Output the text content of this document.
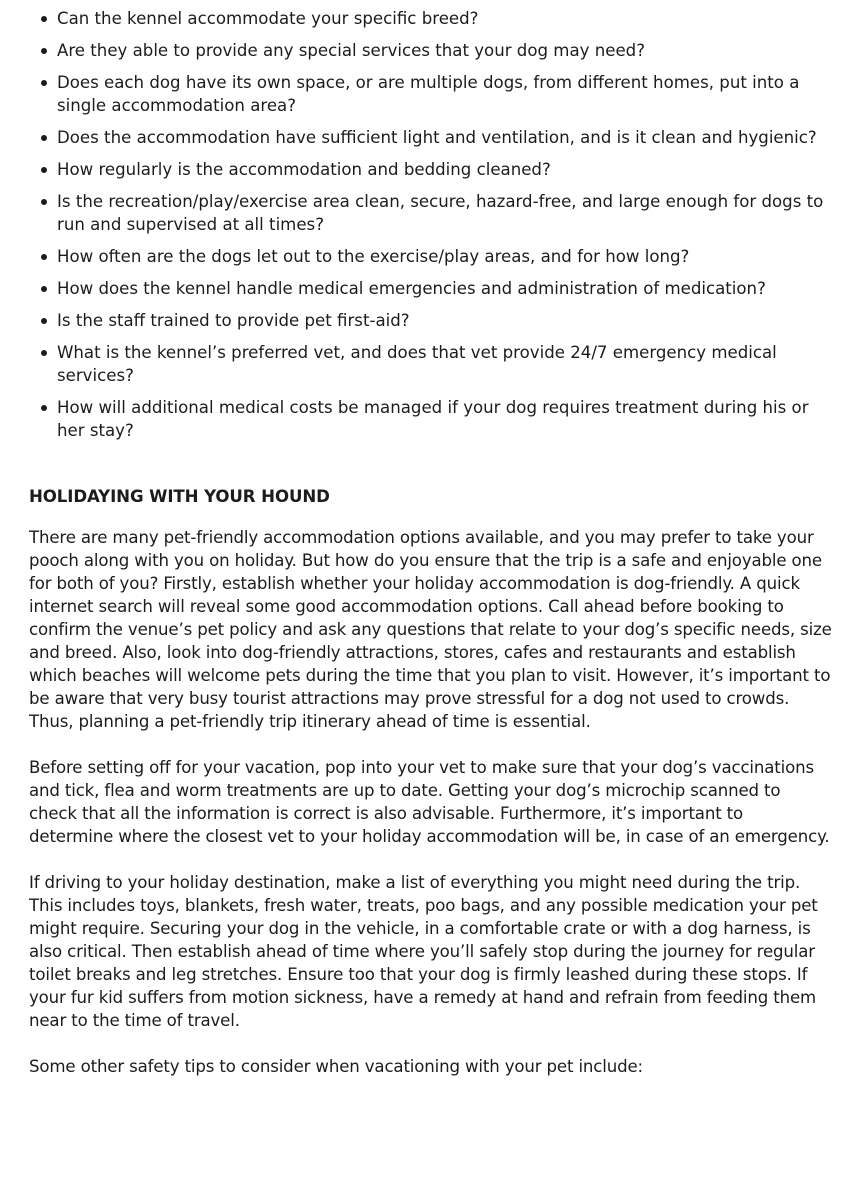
Can the kennel accommodate your specific breed?
Are they able to provide any special services that your dog may need?
Does each dog have its own space, or are multiple dogs, from different homes, put into a single accommodation area?
Does the accommodation have sufficient light and ventilation, and is it clean and hygienic?
How regularly is the accommodation and bedding cleaned?
Is the recreation/play/exercise area clean, secure, hazard-free, and large enough for dogs to run and supervised at all times?
How often are the dogs let out to the exercise/play areas, and for how long?
How does the kennel handle medical emergencies and administration of medication?
Is the staff trained to provide pet first-aid?
What is the kennel’s preferred vet, and does that vet provide 24/7 emergency medical services?
How will additional medical costs be managed if your dog requires treatment during his or her stay?
HOLIDAYING WITH YOUR HOUND

There are many pet-friendly accommodation options available, and you may prefer to take your pooch along with you on holiday. But how do you ensure that the trip is a safe and enjoyable one for both of you? Firstly, establish whether your holiday accommodation is dog-friendly. A quick internet search will reveal some good accommodation options. Call ahead before booking to confirm the venue’s pet policy and ask any questions that relate to your dog’s specific needs, size and breed. Also, look into dog-friendly attractions, stores, cafes and restaurants and establish which beaches will welcome pets during the time that you plan to visit. However, it’s important to be aware that very busy tourist attractions may prove stressful for a dog not used to crowds. Thus, planning a pet-friendly trip itinerary ahead of time is essential.

Before setting off for your vacation, pop into your vet to make sure that your dog’s vaccinations and tick, flea and worm treatments are up to date. Getting your dog’s microchip scanned to check that all the information is correct is also advisable. Furthermore, it’s important to determine where the closest vet to your holiday accommodation will be, in case of an emergency.

If driving to your holiday destination, make a list of everything you might need during the trip. This includes toys, blankets, fresh water, treats, poo bags, and any possible medication your pet might require. Securing your dog in the vehicle, in a comfortable crate or with a dog harness, is also critical. Then establish ahead of time where you’ll safely stop during the journey for regular toilet breaks and leg stretches. Ensure too that your dog is firmly leashed during these stops. If your fur kid suffers from motion sickness, have a remedy at hand and refrain from feeding them near to the time of travel.

Some other safety tips to consider when vacationing with your pet include:
